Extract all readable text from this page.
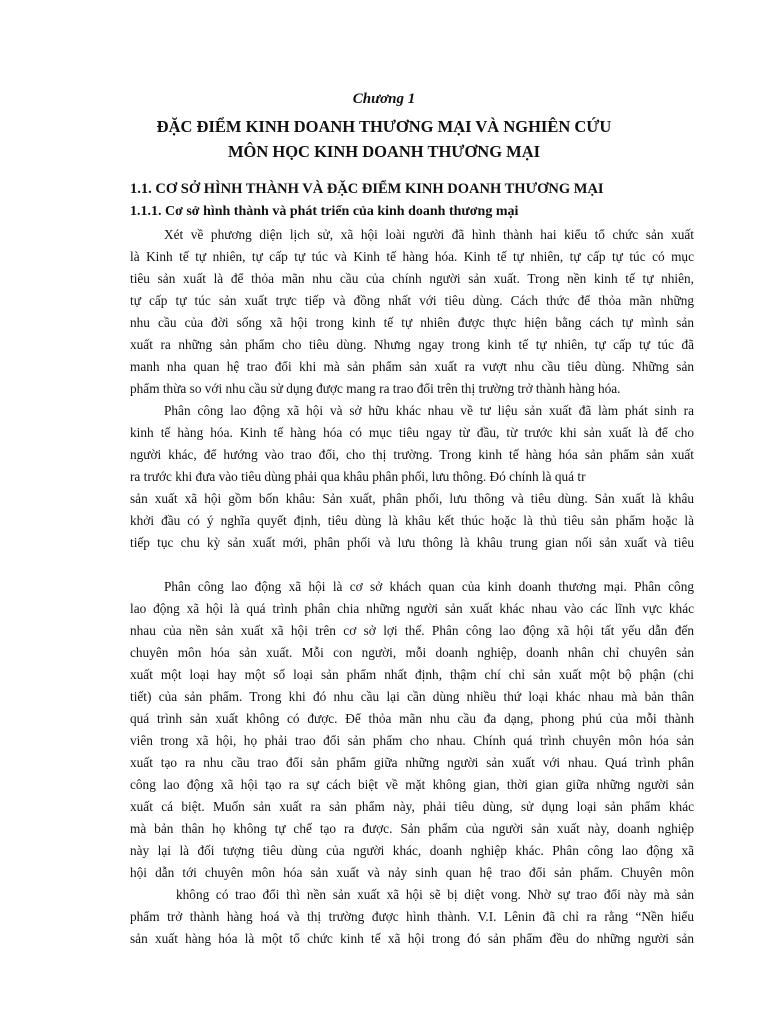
Chương 1
ĐẶC ĐIỂM KINH DOANH THƯƠNG MẠI VÀ NGHIÊN CỨU
MÔN HỌC KINH DOANH THƯƠNG MẠI
1.1. CƠ SỞ HÌNH THÀNH VÀ ĐẶC ĐIỂM KINH DOANH THƯƠNG MẠI
1.1.1. Cơ sở hình thành và phát triển của kinh doanh thương mại
Xét về phương diện lịch sử, xã hội loài người đã hình thành hai kiểu tổ chức sản xuất
là Kinh tế tự nhiên, tự cấp tự túc và Kinh tế hàng hóa. Kinh tế tự nhiên, tự cấp tự túc có mục
tiêu sản xuất là để thỏa mãn nhu cầu của chính người sản xuất. Trong nền kinh tế tự nhiên,
tự cấp tự túc sản xuất trực tiếp và đồng nhất với tiêu dùng. Cách thức để thỏa mãn những
nhu cầu của đời sống xã hội trong kinh tế tự nhiên được thực hiện bằng cách tự mình sản
xuất ra những sản phẩm cho tiêu dùng. Nhưng ngay trong kinh tế tự nhiên, tự cấp tự túc đã
manh nha quan hệ trao đổi khi mà sản phẩm sản xuất ra vượt nhu cầu tiêu dùng. Những sản
phẩm thừa so với nhu cầu sử dụng được mang ra trao đổi trên thị trường trở thành hàng hóa.
Phân công lao động xã hội và sở hữu khác nhau về tư liệu sản xuất đã làm phát sinh ra
kinh tế hàng hóa. Kinh tế hàng hóa có mục tiêu ngay từ đầu, từ trước khi sản xuất là để cho
người khác, để hướng vào trao đổi, cho thị trường. Trong kinh tế hàng hóa sản phẩm sản xuất
ra trước khi đưa vào tiêu dùng phải qua khâu phân phối, lưu thông. Đó chính là quá tr
sản xuất xã hội gồm bốn khâu: Sản xuất, phân phối, lưu thông và tiêu dùng. Sản xuất là khâu
khởi đầu có ý nghĩa quyết định, tiêu dùng là khâu kết thúc hoặc là thủ tiêu sản phẩm hoặc là
tiếp tục chu kỳ sản xuất mới, phân phối và lưu thông là khâu trung gian nối sản xuất và tiêu
Phân công lao động xã hội là cơ sở khách quan của kinh doanh thương mại. Phân công
lao động xã hội là quá trình phân chia những người sản xuất khác nhau vào các lĩnh vực khác
nhau của nền sản xuất xã hội trên cơ sở lợi thế. Phân công lao động xã hội tất yếu dẫn đến
chuyên môn hóa sản xuất. Mỗi con người, mỗi doanh nghiệp, doanh nhân chỉ chuyên sản
xuất một loại hay một số loại sản phẩm nhất định, thậm chí chỉ sản xuất một bộ phận (chi
tiết) của sản phẩm. Trong khi đó nhu cầu lại cần dùng nhiều thứ loại khác nhau mà bản thân
quá trình sản xuất không có được. Để thỏa mãn nhu cầu đa dạng, phong phú của mỗi thành
viên trong xã hội, họ phải trao đổi sản phẩm cho nhau. Chính quá trình chuyên môn hóa sản
xuất tạo ra nhu cầu trao đổi sản phẩm giữa những người sản xuất với nhau. Quá trình phân
công lao động xã hội tạo ra sự cách biệt về mặt không gian, thời gian giữa những người sản
xuất cá biệt. Muốn sản xuất ra sản phẩm này, phải tiêu dùng, sử dụng loại sản phẩm khác
mà bản thân họ không tự chế tạo ra được. Sản phẩm của người sản xuất này, doanh nghiệp
này lại là đối tượng tiêu dùng của người khác, doanh nghiệp khác. Phân công lao động xã
hội dẫn tới chuyên môn hóa sản xuất và nảy sinh quan hệ trao đổi sản phẩm. Chuyên môn
không có trao đổi thì nền sản xuất xã hội sẽ bị diệt vong. Nhờ sự trao đổi này mà sản
phẩm trở thành hàng hoá và thị trường được hình thành. V.I. Lênin đã chỉ ra rằng “Nền hiểu
sản xuất hàng hóa là một tổ chức kinh tế xã hội trong đó sản phẩm đều do những người sản
